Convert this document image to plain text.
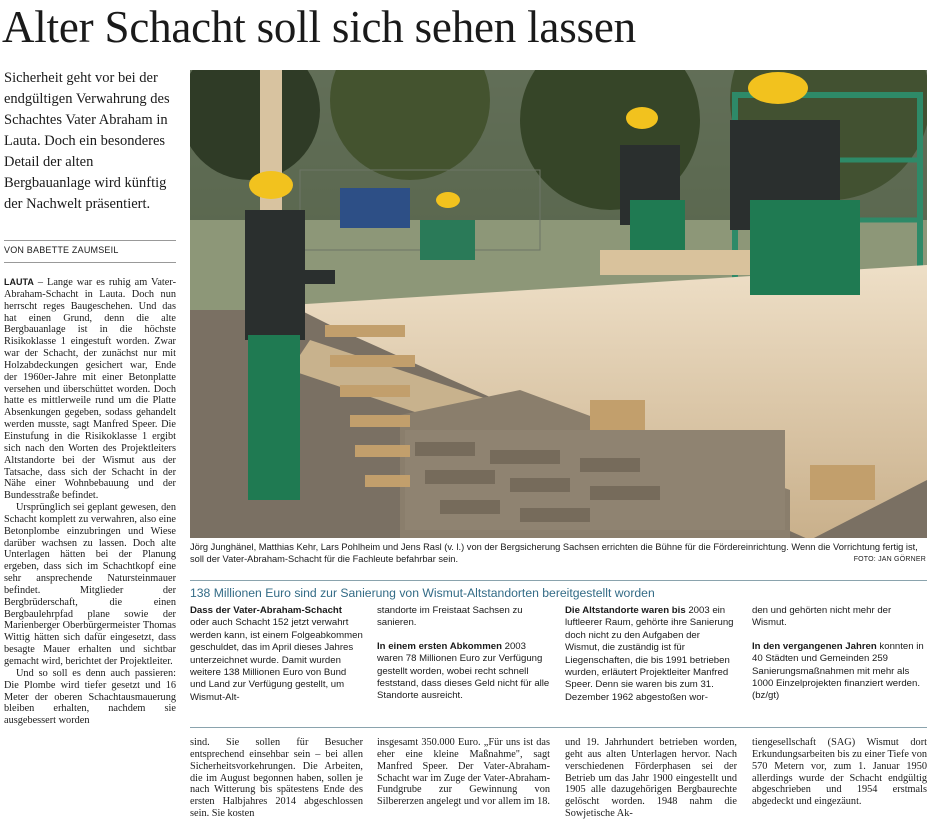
Alter Schacht soll sich sehen lassen
Sicherheit geht vor bei der endgültigen Verwahrung des Schachtes Vater Abraham in Lauta. Doch ein besonderes Detail der alten Bergbauanlage wird künftig der Nachwelt präsentiert.
VON BABETTE ZAUMSEIL

LAUTA – Lange war es ruhig am Vater-Abraham-Schacht in Lauta. Doch nun herrscht reges Baugeschehen. Und das hat einen Grund, denn die alte Bergbauanlage ist in die höchste Risikoklasse 1 eingestuft worden. Zwar war der Schacht, der zunächst nur mit Holzabdeckungen gesichert war, Ende der 1960er-Jahre mit einer Betonplatte versehen und überschüttet worden. Doch hatte es mittlerweile rund um die Platte Absenkungen gegeben, sodass gehandelt werden musste, sagt Manfred Speer. Die Einstufung in die Risikoklasse 1 ergibt sich nach den Worten des Projektleiters Altstandorte bei der Wismut aus der Tatsache, dass sich der Schacht in der Nähe einer Wohnbebauung und der Bundesstraße befindet.

Ursprünglich sei geplant gewesen, den Schacht komplett zu verwahren, also eine Betonplombe einzubringen und Wiese darüber wachsen zu lassen. Doch alte Unterlagen hätten bei der Planung ergeben, dass sich im Schachtkopf eine sehr ansprechende Natursteinmauer befindet. Mitglieder der Bergbrüderschaft, die einen Bergbaulehrpfad plane sowie der Marienberger Oberbürgermeister Thomas Wittig hätten sich dafür eingesetzt, dass besagte Mauer erhalten und sichtbar gemacht wird, berichtet der Projektleiter.

Und so soll es denn auch passieren: Die Plombe wird tiefer gesetzt und 16 Meter der oberen Schachtausmauerung bleiben erhalten, nachdem sie ausgebessert worden

Jörg Junghänel, Matthias Kehr, Lars Pohlheim und Jens Rasl (v. l.) von der Bergsicherung Sachsen errichten die Bühne für die Fördereinrichtung. Wenn die Vorrichtung fertig ist, soll der Vater-Abraham-Schacht für die Fachleute befahrbar sein.	FOTO: JAN GÖRNER
138 Millionen Euro sind zur Sanierung von Wismut-Altstandorten bereitgestellt worden

Dass der Vater-Abraham-Schacht oder auch Schacht 152 jetzt verwahrt werden kann, ist einem Folgeabkommen geschuldet, das im April dieses Jahres unterzeichnet wurde. Damit wurden weitere 138 Millionen Euro von Bund und Land zur Verfügung gestellt, um Wismut-Alt-

standorte im Freistaat Sachsen zu sanieren.

In einem ersten Abkommen 2003 waren 78 Millionen Euro zur Verfügung gestellt worden, wobei recht schnell feststand, dass dieses Geld nicht für alle Standorte ausreicht.

Die Altstandorte waren bis 2003 ein luftleerer Raum, gehörte ihre Sanierung doch nicht zu den Aufgaben der Wismut, die zuständig ist für Liegenschaften, die bis 1991 betrieben wurden, erläutert Projektleiter Manfred Speer. Denn sie waren bis zum 31. Dezember 1962 abgestoßen wor-

den und gehörten nicht mehr der Wismut.

In den vergangenen Jahren konnten in 40 Städten und Gemeinden 259 Sanierungsmaßnahmen mit mehr als 1000 Einzelprojekten finanziert werden. (bz/gt)

sind. Sie sollen für Besucher entsprechend einsehbar sein – bei allen Sicherheitsvorkehrungen. Die Arbeiten, die im August begonnen haben, sollen je nach Witterung bis spätestens Ende des ersten Halbjahres 2014 abgeschlossen sein. Sie kosten

insgesamt 350.000 Euro. „Für uns ist das eher eine kleine Maßnahme", sagt Manfred Speer. Der Vater-Abraham-Schacht war im Zuge der Vater-Abraham-Fundgrube zur Gewinnung von Silbererzen angelegt und vor allem im 18.

und 19. Jahrhundert betrieben worden, geht aus alten Unterlagen hervor. Nach verschiedenen Förderphasen sei der Betrieb um das Jahr 1900 eingestellt und 1905 alle dazugehörigen Bergbaurechte gelöscht worden. 1948 nahm die Sowjetische Ak-

tiengesellschaft (SAG) Wismut dort Erkundungsarbeiten bis zu einer Tiefe von 570 Metern vor, zum 1. Januar 1950 allerdings wurde der Schacht endgültig abgeschrieben und 1954 erstmals abgedeckt und eingezäunt.
